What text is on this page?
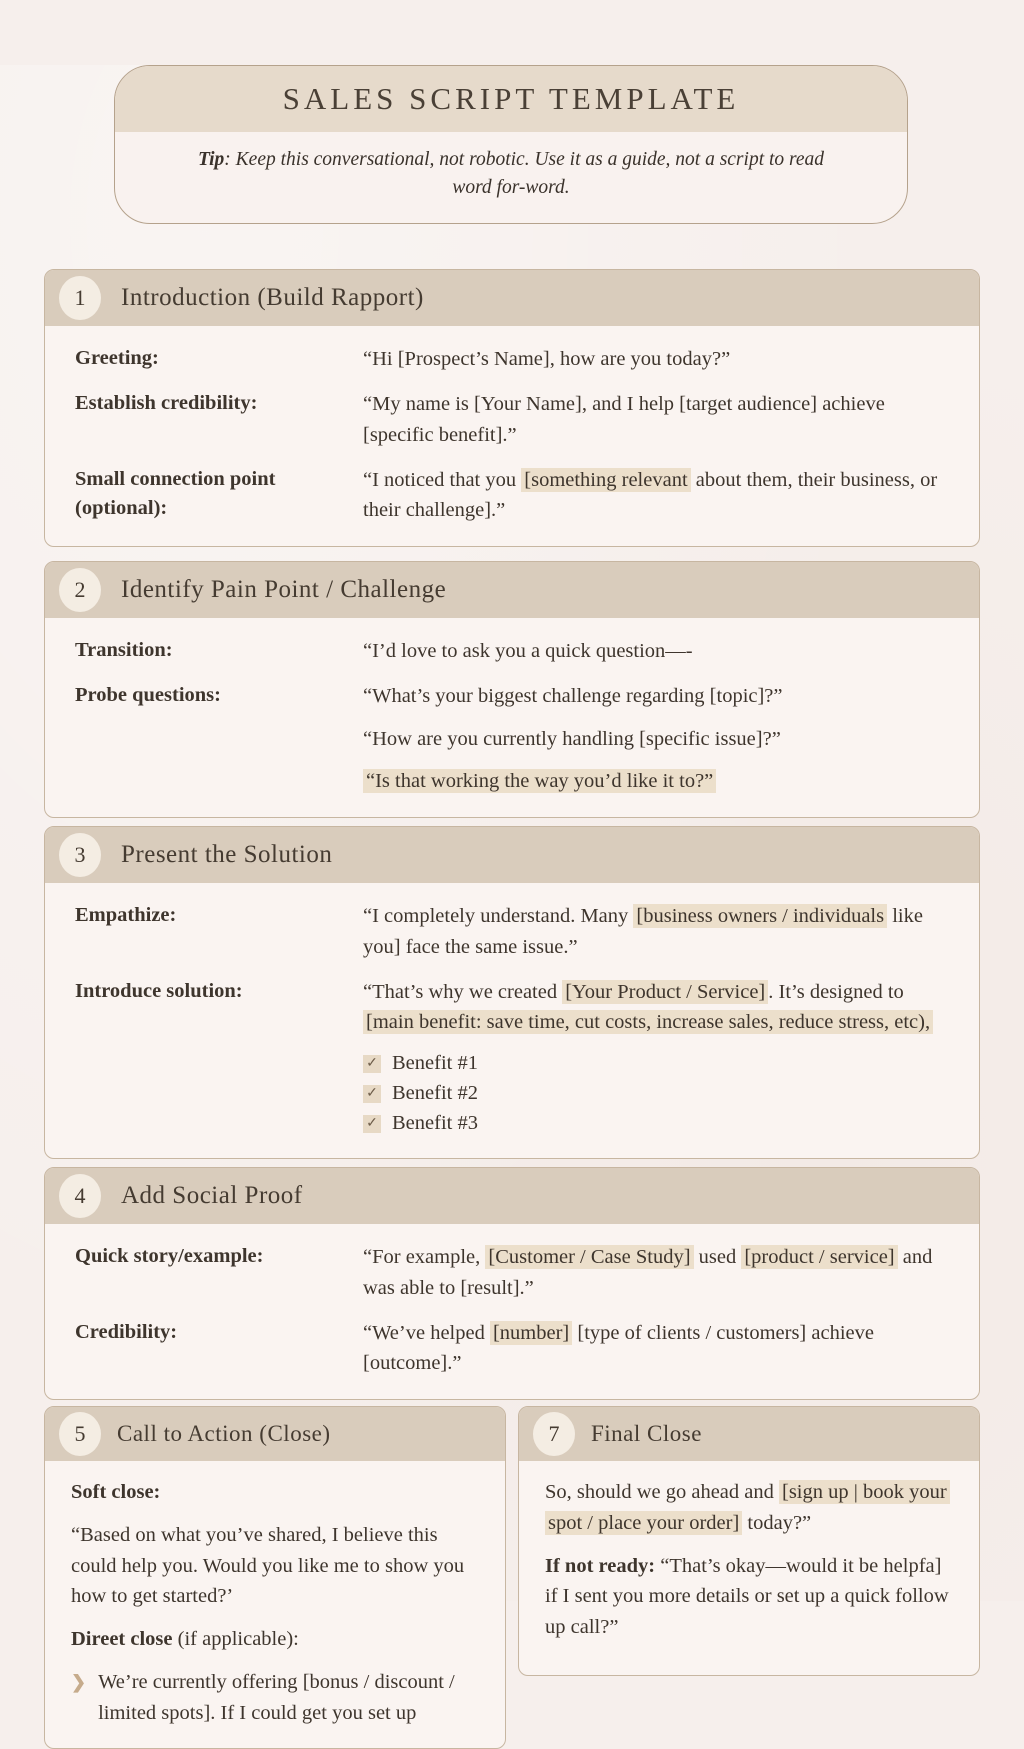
SALES SCRIPT TEMPLATE
Tip: Keep this conversational, not robotic. Use it as a guide, not a script to read word for-word.
1	Introduction (Build Rapport)
Greeting:	“Hi [Prospect’s Name], how are you today?”

Establish credibility:	“My name is [Your Name], and I help [target audience] achieve [specific benefit].”

Small connection point (optional):

“I noticed that you [something relevant about them, their business, or their challenge].”

2	Identify Pain Point / Challenge
Transition:	“I’d love to ask you a quick question—-

Probe questions:	“What’s your biggest challenge regarding [topic]?”

“How are you currently handling [specific issue]?”

“Is that working the way you’d like it to?”

3	Present the Solution
Empathize:	“I completely understand. Many [business owners / individuals like you] face the same issue.”

Introduce solution:	“That’s why we created [Your Product / Service] . It’s designed to [main benefit: save time, cut costs, increase sales, reduce stress, etc),

✓ Benefit #1
✓ Benefit #2
✓ Benefit #3
4	Add Social Proof
Quick story/example:	“For example, [Customer / Case Study] used [product / service] and was able to [result].”

Credibility:	“We’ve helped [number] [type of clients / customers] achieve [outcome].”

5	Call to Action (Close)

Soft close:

“Based on what you’ve shared, I believe this could help you. Would you like me to show you how to get started?’

Direet close (if applicable):

❯ We’re currently offering [bonus / discount / limited spots]. If I could get you set up
7	Final Close

So, should we go ahead and [sign up | book your spot / place your order] today?”

If not ready: “That’s okay—would it be helpfa] if I sent you more details or set up a quick follow up call?”
